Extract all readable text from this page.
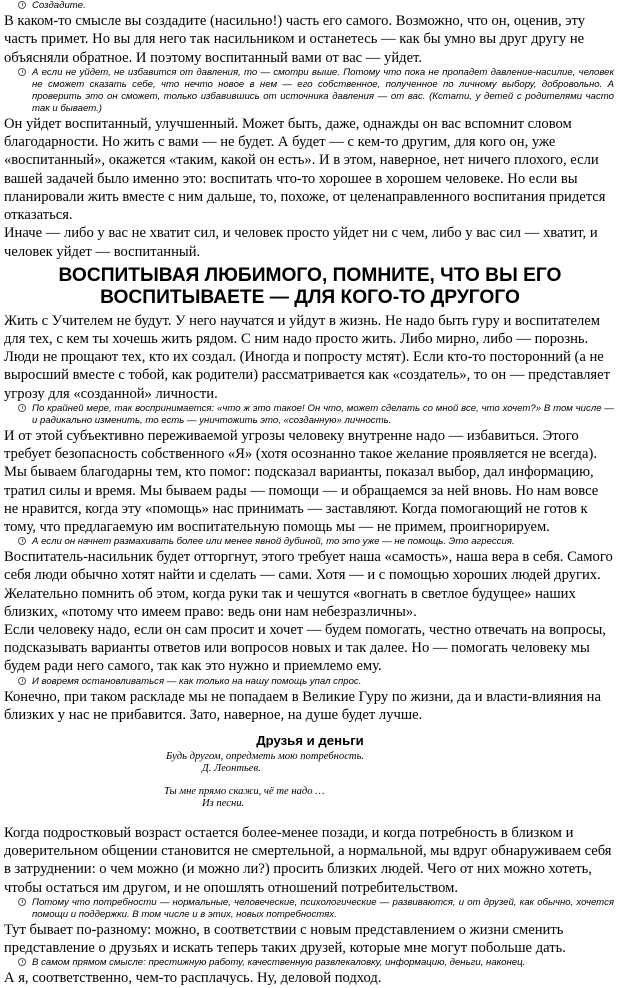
Создадите.

В каком-то смысле вы создадите (насильно!) часть его самого. Возможно, что он, оценив, эту часть примет. Но вы для него так насильником и останетесь — как бы умно вы друг другу не объясняли обратное. И поэтому воспитанный вами от вас — уйдет.

А если не уйдет, не избавится от давления, то — смотри выше. Потому что пока не пропадет давление-насилие, человек не сможет сказать себе, что нечто новое в нем — его собственное, полученное по личному выбору, добровольно. А проверить это он сможет, только избавившись от источника давления — от вас. (Кстати, у детей с родителями часто так и бывает.)

Он уйдет воспитанный, улучшенный. Может быть, даже, однажды он вас вспомнит словом благодарности. Но жить с вами — не будет. А будет — с кем-то другим, для кого он, уже «воспитанный», окажется «таким, какой он есть». И в этом, наверное, нет ничего плохого, если вашей задачей было именно это: воспитать что-то хорошее в хорошем человеке. Но если вы планировали жить вместе с ним дальше, то, похоже, от целенаправленного воспитания придется отказаться.

Иначе — либо у вас не хватит сил, и человек просто уйдет ни с чем, либо у вас сил — хватит, и человек уйдет — воспитанный.

ВОСПИТЫВАЯ ЛЮБИМОГО, ПОМНИТЕ, ЧТО ВЫ ЕГО ВОСПИТЫВАЕТЕ — ДЛЯ КОГО-ТО ДРУГОГО

Жить с Учителем не будут. У него научатся и уйдут в жизнь. Не надо быть гуру и воспитателем для тех, с кем ты хочешь жить рядом. С ним надо просто жить. Либо мирно, либо — порознь.

Люди не прощают тех, кто их создал. (Иногда и попросту мстят). Если кто-то посторонний (а не выросший вместе с тобой, как родители) рассматривается как «создатель», то он — представляет угрозу для «созданной» личности.

По крайней мере, так воспринимается: «что ж это такое! Он что, может сделать со мной все, что хочет?» В том числе — и радикально изменить, то есть — уничтожить это, «созданную» личность.

И от этой субъективно переживаемой угрозы человеку внутренне надо — избавиться. Этого требует безопасность собственного «Я» (хотя осознанно такое желание проявляется не всегда).

Мы бываем благодарны тем, кто помог: подсказал варианты, показал выбор, дал информацию, тратил силы и время. Мы бываем рады — помощи — и обращаемся за ней вновь. Но нам вовсе не нравится, когда эту «помощь» нас принимать — заставляют. Когда помогающий не готов к тому, что предлагаемую им воспитательную помощь мы — не примем, проигнорируем.

А если он начнет размахивать более или менее явной дубиной, то это уже — не помощь. Это агрессия.

Воспитатель-насильник будет отторгнут, этого требует наша «самость», наша вера в себя. Самого себя люди обычно хотят найти и сделать — сами. Хотя — и с помощью хороших людей других. Желательно помнить об этом, когда руки так и чешутся «вогнать в светлое будущее» наших близких, «потому что имеем право: ведь они нам небезразличны».

Если человеку надо, если он сам просит и хочет — будем помогать, честно отвечать на вопросы, подсказывать варианты ответов или вопросов новых и так далее. Но — помогать человеку мы будем ради него самого, так как это нужно и приемлемо ему.

И вовремя остановливаться — как только на нашу помощь упал спрос.

Конечно, при таком раскладе мы не попадаем в Великие Гуру по жизни, да и власти-влияния на близких у нас не прибавится. Зато, наверное, на душе будет лучше.

Друзья и деньги

Будь другом, опредметь мою потребность.

Д. Леонтьев.

Ты мне прямо скажи, чё те надо …

Из песни.

Когда подростковый возраст остается более-менее позади, и когда потребность в близком и доверительном общении становится не смертельной, а нормальной, мы вдруг обнаруживаем себя в затруднении: о чем можно (и можно ли?) просить близких людей. Чего от них можно хотеть, чтобы остаться им другом, и не опошлять отношений потребительством.

Потому что потребности — нормальные, человеческие, психологические — развиваются, и от друзей, как обычно, хочется помощи и поддержки. В том числе и в этих, новых потребностях.

Тут бывает по-разному: можно, в соответствии с новым представлением о жизни сменить представление о друзьях и искать теперь таких друзей, которые мне могут побольше дать.

В самом прямом смысле: престижную работу, качественную развлекаловку, информацию, деньги, наконец.

А я, соответственно, чем-то расплачусь. Ну, деловой подход.
